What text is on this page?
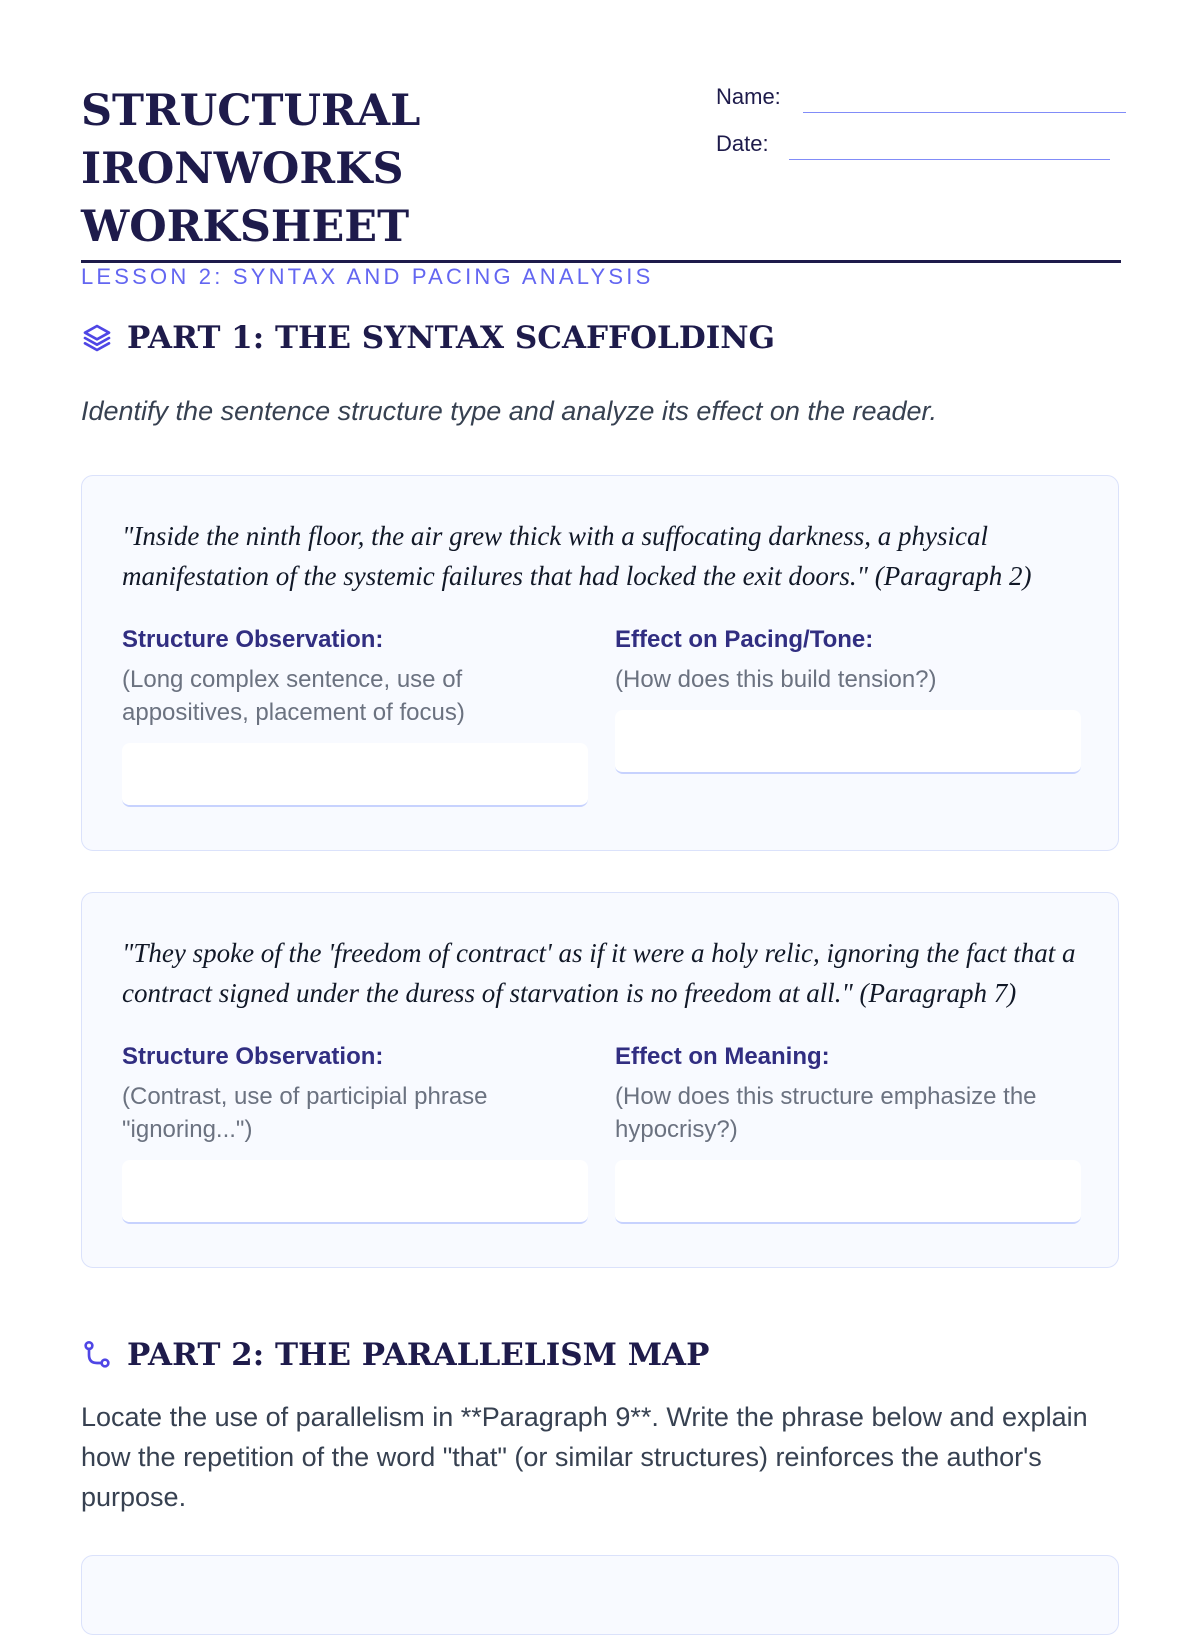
STRUCTURAL
IRONWORKS WORKSHEET
LESSON 2: SYNTAX AND PACING ANALYSIS
Name:
Date:
PART 1: THE SYNTAX SCAFFOLDING
Identify the sentence structure type and analyze its effect on the reader.
"Inside the ninth floor, the air grew thick with a suffocating darkness, a physical manifestation of the systemic failures that had locked the exit doors." (Paragraph 2)
Structure Observation:
(Long complex sentence, use of appositives, placement of focus)
Effect on Pacing/Tone:
(How does this build tension?)
"They spoke of the 'freedom of contract' as if it were a holy relic, ignoring the fact that a contract signed under the duress of starvation is no freedom at all." (Paragraph 7)
Structure Observation:
(Contrast, use of participial phrase "ignoring...")
Effect on Meaning:
(How does this structure emphasize the hypocrisy?)
PART 2: THE PARALLELISM MAP
Locate the use of parallelism in **Paragraph 9**. Write the phrase below and explain how the repetition of the word "that" (or similar structures) reinforces the author's purpose.
